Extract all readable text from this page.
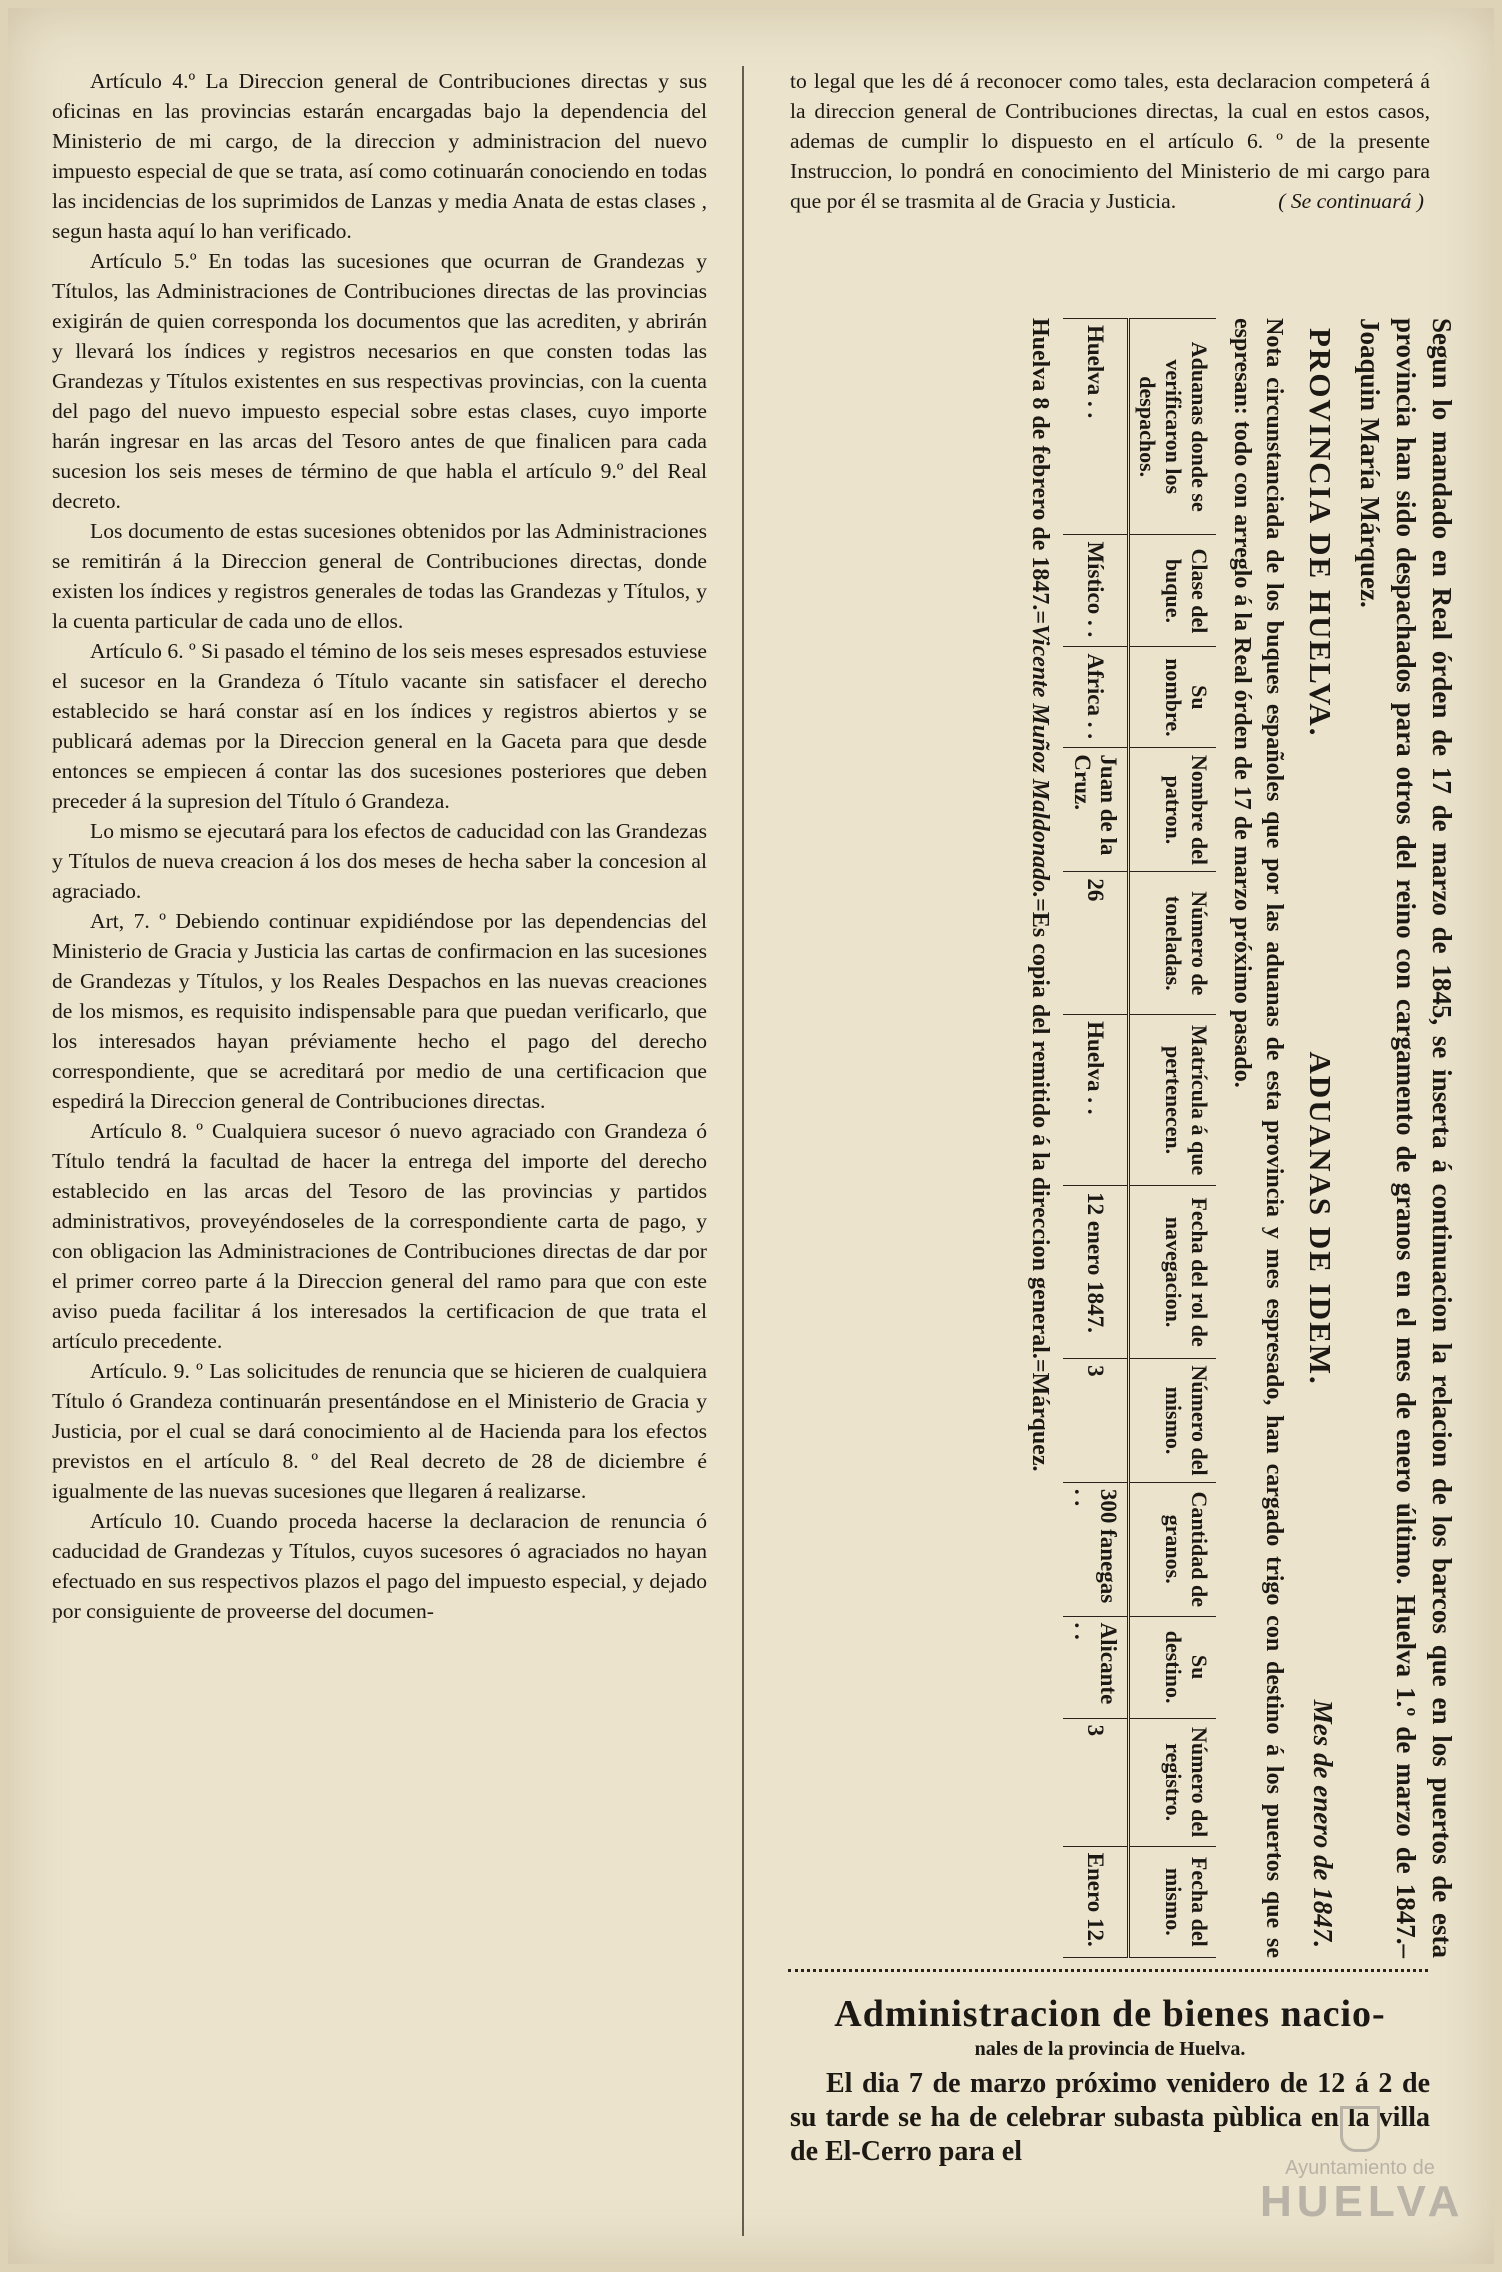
Artículo 4.º La Direccion general de Contribuciones directas y sus oficinas en las provincias estarán encargadas bajo la dependencia del Ministerio de mi cargo, de la direccion y administracion del nuevo impuesto especial de que se trata, así como cotinuarán conociendo en todas las incidencias de los suprimidos de Lanzas y media Anata de estas clases , segun hasta aquí lo han verificado.

Artículo 5.º En todas las sucesiones que ocurran de Grandezas y Títulos, las Administraciones de Contribuciones directas de las provincias exigirán de quien corresponda los documentos que las acrediten, y abrirán y llevará los índices y registros necesarios en que consten todas las Grandezas y Títulos existentes en sus respectivas provincias, con la cuenta del pago del nuevo impuesto especial sobre estas clases, cuyo importe harán ingresar en las arcas del Tesoro antes de que finalicen para cada sucesion los seis meses de término de que habla el artículo 9.º del Real decreto.

Los documento de estas sucesiones obtenidos por las Administraciones se remitirán á la Direccion general de Contribuciones directas, donde existen los índices y registros generales de todas las Grandezas y Títulos, y la cuenta particular de cada uno de ellos.

Artículo 6. º Si pasado el témino de los seis meses espresados estuviese el sucesor en la Grandeza ó Título vacante sin satisfacer el derecho establecido se hará constar así en los índices y registros abiertos y se publicará ademas por la Direccion general en la Gaceta para que desde entonces se empiecen á contar las dos sucesiones posteriores que deben preceder á la supresion del Título ó Grandeza.

Lo mismo se ejecutará para los efectos de caducidad con las Grandezas y Títulos de nueva creacion á los dos meses de hecha saber la concesion al agraciado.

Art, 7. º Debiendo continuar expidiéndose por las dependencias del Ministerio de Gracia y Justicia las cartas de confirmacion en las sucesiones de Grandezas y Títulos, y los Reales Despachos en las nuevas creaciones de los mismos, es requisito indispensable para que puedan verificarlo, que los interesados hayan préviamente hecho el pago del derecho correspondiente, que se acreditará por medio de una certificacion que espedirá la Direccion general de Contribuciones directas.

Artículo 8. º Cualquiera sucesor ó nuevo agraciado con Grandeza ó Título tendrá la facultad de hacer la entrega del importe del derecho establecido en las arcas del Tesoro de las provincias y partidos administrativos, proveyéndoseles de la correspondiente carta de pago, y con obligacion las Administraciones de Contribuciones directas de dar por el primer correo parte á la Direccion general del ramo para que con este aviso pueda facilitar á los interesados la certificacion de que trata el artículo precedente.

Artículo. 9. º Las solicitudes de renuncia que se hicieren de cualquiera Título ó Grandeza continuarán presentándose en el Ministerio de Gracia y Justicia, por el cual se dará conocimiento al de Hacienda para los efectos previstos en el artículo 8. º del Real decreto de 28 de diciembre é igualmente de las nuevas sucesiones que llegaren á realizarse.

Artículo 10. Cuando proceda hacerse la declaracion de renuncia ó caducidad de Grandezas y Títulos, cuyos sucesores ó agraciados no hayan efectuado en sus respectivos plazos el pago del impuesto especial, y dejado por consiguiente de proveerse del documen-

to legal que les dé á reconocer como tales, esta declaracion competerá á la direccion general de Contribuciones directas, la cual en estos casos, ademas de cumplir lo dispuesto en el artículo 6. º de la presente Instruccion, lo pondrá en conocimiento del Ministerio de mi cargo para que por él se trasmita al de Gracia y Justicia.	( Se continuará )

Segun lo mandado en Real órden de 17 de marzo de 1845, se inserta á continuacion la relacion de los barcos que en los puertos de esta provincia han sido despachados para otros del reino con cargamento de granos en el mes de enero último. Huelva 1.º de marzo de 1847.–Joaquin María Márquez.
PROVINCIA DE HUELVA.
ADUANAS DE IDEM.
Mes de enero de 1847.
Nota circunstanciada de los buques españoles que por las aduanas de esta provincia y mes espresado, han cargado trigo con destino á los puertos que se espresan: todo con arreglo á la Real órden de 17 de marzo próximo pasado.
Aduanas donde se verificaron los despachos.	Clase del buque.	Su nombre.	Nombre del patron.	Número de toneladas.	Matrícula á que pertenecen.	Fecha del rol de navegacion.	Número del mismo.	Cantidad de granos.	Su destino.	Número del registro.	Fecha del mismo.
Huelva . .	Místico . .	Africa . .	Juan de la Cruz.	26	Huelva . .	12 enero 1847.	3	300 fanegas . .	Alicante . .	3	Enero 12.
Huelva 8 de febrero de 1847.=Vicente Muñoz Maldonado.=Es copia del remitido á la direccion general.=Márquez.
Administracion de bienes nacio-
nales de la provincia de Huelva.
El dia 7 de marzo próximo venidero de 12 á 2 de su tarde se ha de celebrar subasta pùblica en la villa de El-Cerro para el
Ayuntamiento de
HUELVA
